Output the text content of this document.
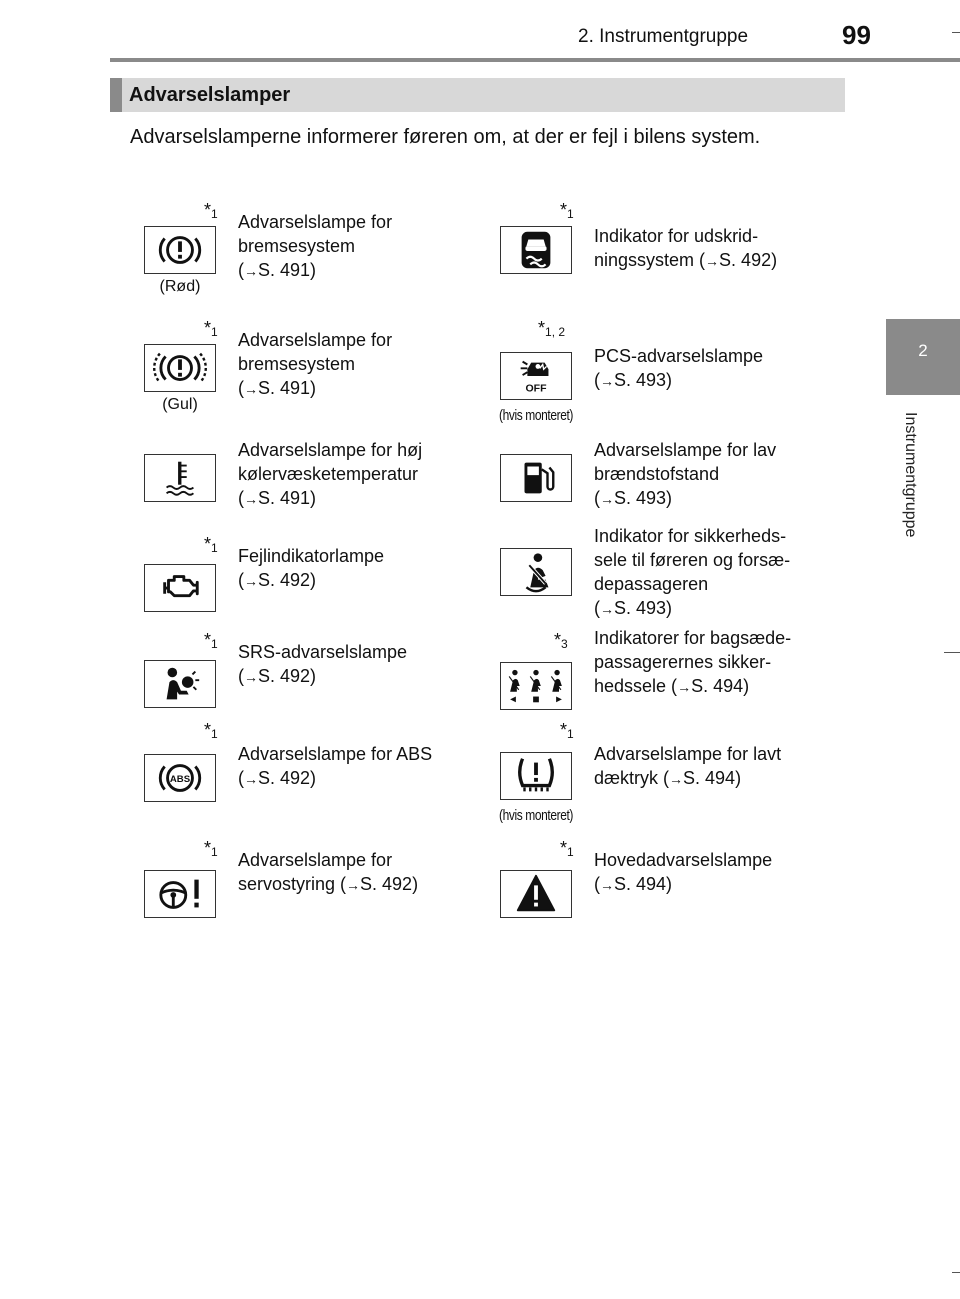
2. Instrumentgruppe	99
2
Instrumentgruppe
Advarselslamper
Advarselslamperne informerer føreren om, at der er fejl i bilens system.
$*_1$
(Rød)
Advarselslampe for
bremsesystem
(→S. 491)
$*_1$
Indikator for udskrid-
ningssystem (→S. 492)
$*_1$
(Gul)
Advarselslampe for
bremsesystem
(→S. 491)
$*_{1, 2}$
OFF
(hvis monteret)
PCS-advarselslampe
(→S. 493)
Advarselslampe for høj
kølervæsketemperatur
(→S. 491)
Advarselslampe for lav
brændstofstand
(→S. 493)
$*_1$ Fejlindikatorlampe
(→S. 492)
Indikator for sikkerheds-
sele til føreren og forsæ-
depassageren
(→S. 493)
$*_1$ SRS-advarselslampe
(→S. 492)
$*_3$ Indikatorer for bagsæde-
passagerernes sikker-
hedssele (→S. 494)
$*_1$
ABS
Advarselslampe for ABS
(→S. 492)
$*_1$
(hvis monteret)
Advarselslampe for lavt
dæktryk (→S. 494)
$*_1$ Advarselslampe for
servostyring (→S. 492)
$*_1$ Hovedadvarselslampe
(→S. 494)
